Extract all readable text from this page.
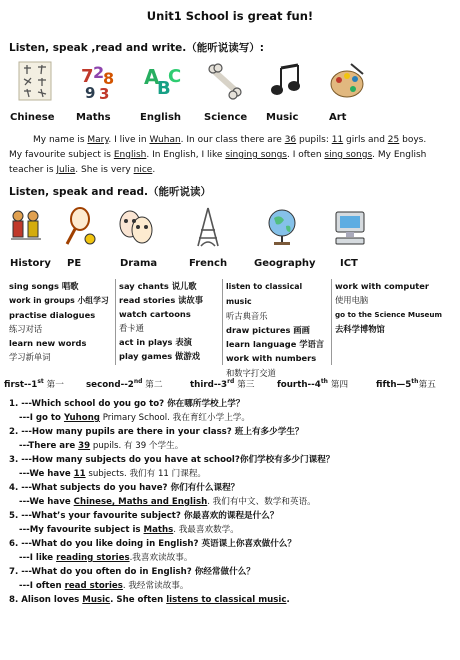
Unit1 School is great fun!
Listen, speak ,read and write.（能听说读写）:
7 2
8
9 3
A
B
C
Chinese Maths	English	Science	Music	Art
My name is Mary. I live in Wuhan. In our class there are 36 pupils: 11 girls and 25 boys.
My favourite subject is English. In English, I like singing songs. I often sing songs. My English
teacher is Julia. She is very nice.
Listen, speak and read.（能听说读）
History	PE	Drama	French	Geography ICT
sing songs 唱歌
work in groups 小组学习
practise dialogues
练习对话
learn new words
学习新单词
say chants 说儿歌
read stories 读故事
watch cartoons
看卡通
act in plays 表演
play games 做游戏
listen to classical music
听古典音乐
draw pictures 画画
learn language 学语言
work with numbers
和数字打交道
work with computer
使用电脑
go to the Science Museum
去科学博物馆
first--1st 第一	second--2nd 第二	third--3rd 第三	fourth--4th 第四	fifth—5th第五
1. ---Which school do you go to? 你在哪所学校上学？
---I go to Yuhong Primary School. 我在育红小学上学。
2. ---How many pupils are there in your class? 班上有多少学生？
---There are 39 pupils. 有 39 个学生。
3. ---How many subjects do you have at school?你们学校有多少门课程？
---We have 11 subjects. 我们有 11 门课程。
4. ---What subjects do you have? 你们有什么课程？
---We have Chinese, Maths and English. 我们有中文、数学和英语。
5. ---What’s your favourite subject? 你最喜欢的课程是什么？
---My favourite subject is Maths. 我最喜欢数学。
6. ---What do you like doing in English? 英语课上你喜欢做什么？
---I like reading stories.我喜欢读故事。
7. ---What do you often do in English? 你经常做什么？
---I often read stories. 我经常读故事。
8. Alison loves Music. She often listens to classical music.
